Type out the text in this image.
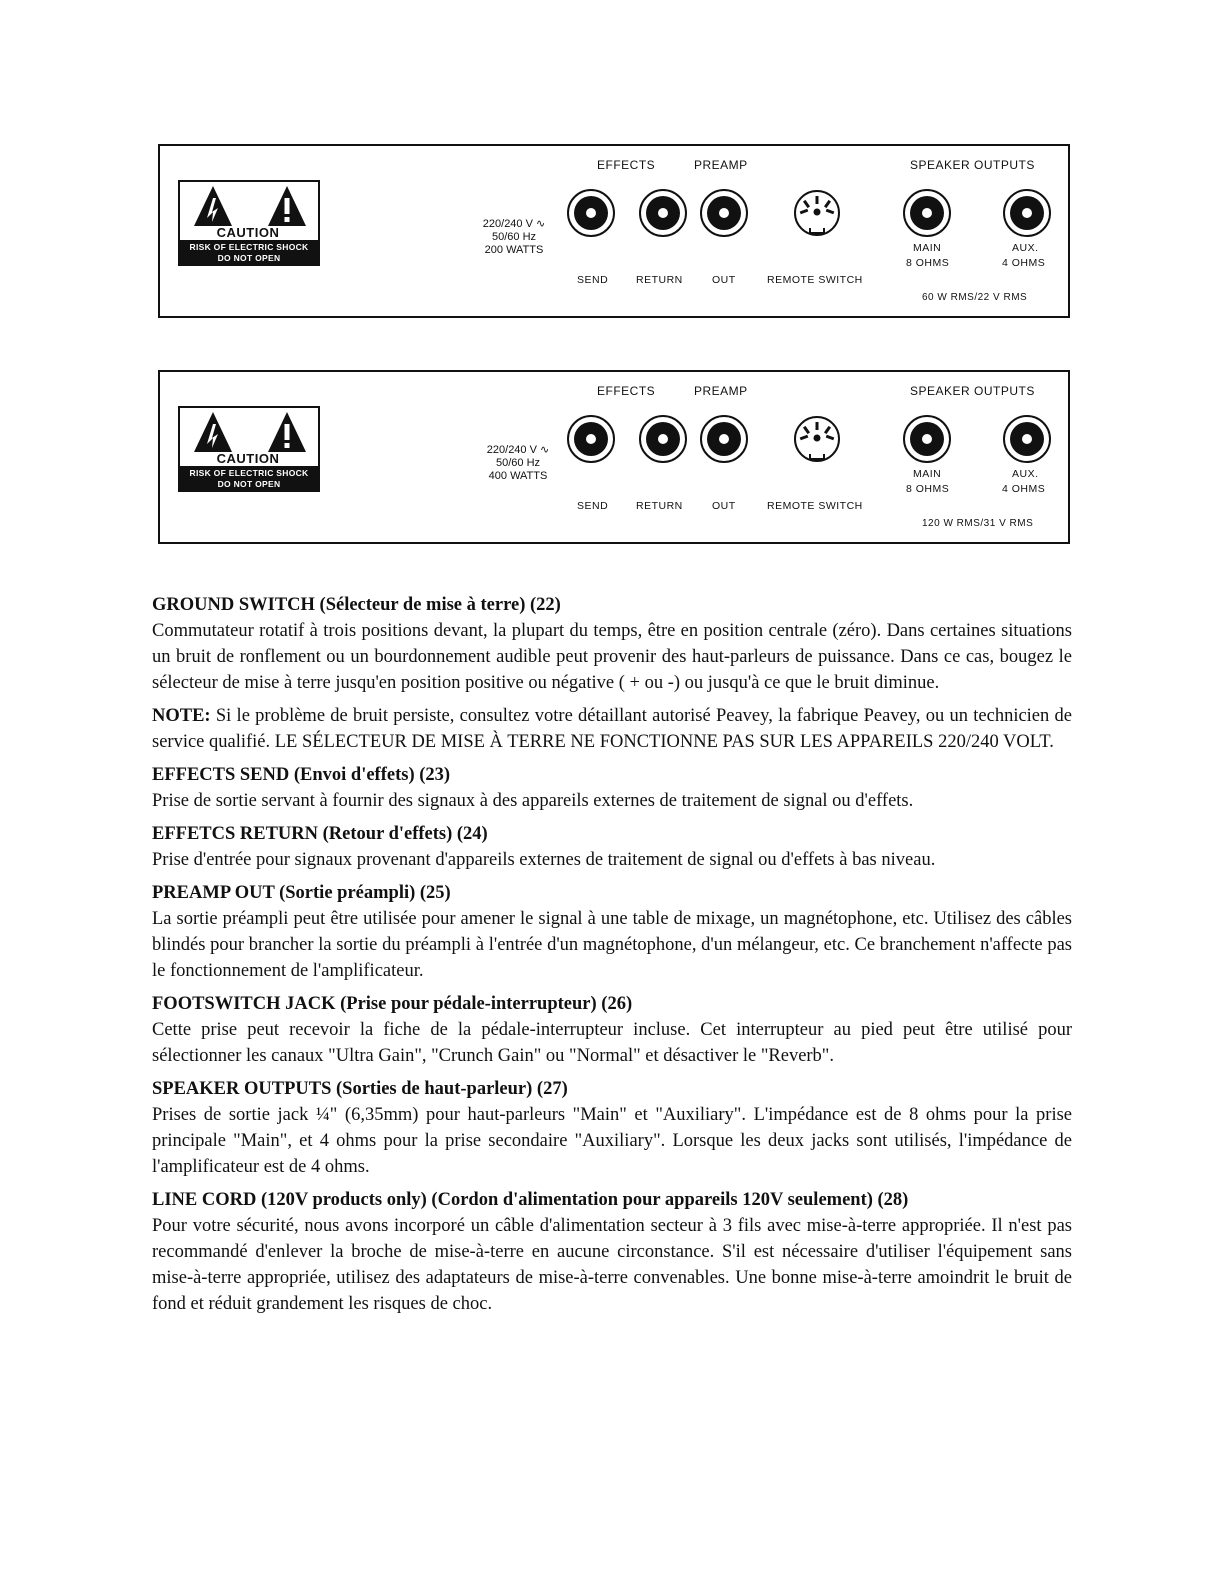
CAUTION
RISK OF ELECTRIC SHOCK
DO NOT OPEN
220/240 V ∿
50/60 Hz
200 WATTS
EFFECTS	PREAMP	SPEAKER OUTPUTS
MAIN
8 OHMS
AUX.
4 OHMS
SEND	RETURN	OUT	REMOTE SWITCH
60 W RMS/22 V RMS
CAUTION
RISK OF ELECTRIC SHOCK
DO NOT OPEN
220/240 V ∿
50/60 Hz
400 WATTS
EFFECTS	PREAMP	SPEAKER OUTPUTS
MAIN
8 OHMS
AUX.
4 OHMS
SEND	RETURN	OUT	REMOTE SWITCH
120 W RMS/31 V RMS
GROUND SWITCH (Sélecteur de mise à terre) (22)
Commutateur rotatif à trois positions devant, la plupart du temps, être en position centrale (zéro). Dans certaines situations un bruit de ronflement ou un bourdonnement audible peut provenir des haut-parleurs de puissance. Dans ce cas, bougez le sélecteur de mise à terre jusqu'en position positive ou négative ( + ou -) ou jusqu'à ce que le bruit diminue.
NOTE: Si le problème de bruit persiste, consultez votre détaillant autorisé Peavey, la fabrique Peavey, ou un technicien de service qualifié. LE SÉLECTEUR DE MISE À TERRE NE FONCTIONNE PAS SUR LES APPAREILS 220/240 VOLT.
EFFECTS SEND (Envoi d'effets) (23)
Prise de sortie servant à fournir des signaux à des appareils externes de traitement de signal ou d'effets.
EFFETCS RETURN (Retour d'effets) (24)
Prise d'entrée pour signaux provenant d'appareils externes de traitement de signal ou d'effets à bas niveau.
PREAMP OUT (Sortie préampli) (25)
La sortie préampli peut être utilisée pour amener le signal à une table de mixage, un magnétophone, etc. Utilisez des câbles blindés pour brancher la sortie du préampli à l'entrée d'un magnétophone, d'un mélangeur, etc. Ce branchement n'affecte pas le fonctionnement de l'amplificateur.
FOOTSWITCH JACK (Prise pour pédale-interrupteur) (26)
Cette prise peut recevoir la fiche de la pédale-interrupteur incluse. Cet interrupteur au pied peut être utilisé pour sélectionner les canaux "Ultra Gain", "Crunch Gain" ou "Normal" et désactiver le "Reverb".
SPEAKER OUTPUTS (Sorties de haut-parleur) (27)
Prises de sortie jack ¼" (6,35mm) pour haut-parleurs "Main" et "Auxiliary". L'impédance est de 8 ohms pour la prise principale "Main", et 4 ohms pour la prise secondaire "Auxiliary". Lorsque les deux jacks sont utilisés, l'impédance de l'amplificateur est de 4 ohms.
LINE CORD (120V products only) (Cordon d'alimentation pour appareils 120V seulement) (28)
Pour votre sécurité, nous avons incorporé un câble d'alimentation secteur à 3 fils avec mise-à-terre appropriée. Il n'est pas recommandé d'enlever la broche de mise-à-terre en aucune circonstance. S'il est nécessaire d'utiliser l'équipement sans mise-à-terre appropriée, utilisez des adaptateurs de mise-à-terre convenables. Une bonne mise-à-terre amoindrit le bruit de fond et réduit grandement les risques de choc.
